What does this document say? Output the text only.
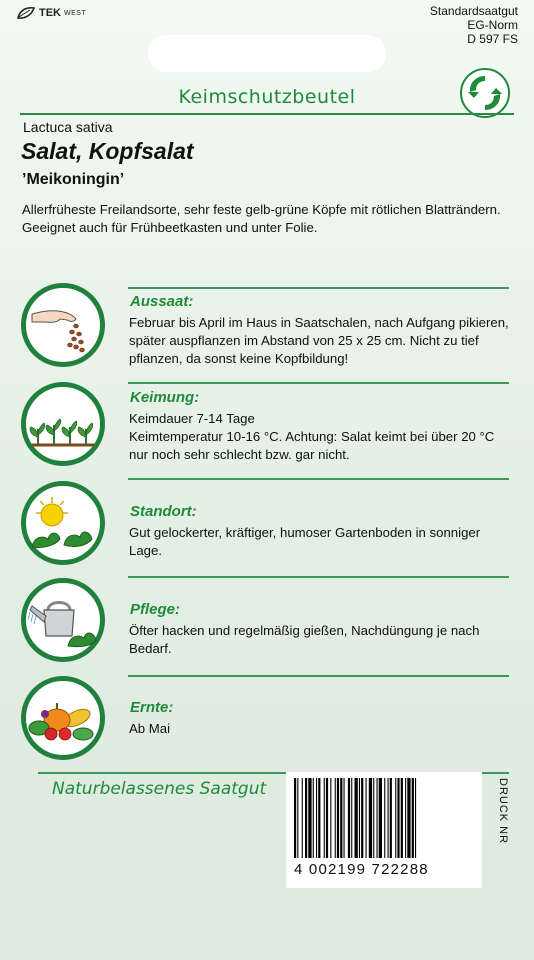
TEK WEST	Standardsaatgut
EG-Norm
D 597 FS
Keimschutzbeutel
Lactuca sativa
Salat, Kopfsalat
’Meikoningin’
Allerfrüheste Freilandsorte, sehr feste gelb-grüne Köpfe mit rötlichen Blatträndern. Geeignet auch für Frühbeetkasten und unter Folie.
Aussaat:
Februar bis April im Haus in Saatschalen, nach Aufgang pikieren, später auspflanzen im Abstand von 25 x 25 cm. Nicht zu tief pflanzen, da sonst keine Kopfbildung!
Keimung:
Keimdauer 7-14 Tage
Keimtemperatur 10-16 °C. Achtung: Salat keimt bei über 20 °C nur noch sehr schlecht bzw. gar nicht.
Standort:
Gut gelockerter, kräftiger, humoser Gartenboden in sonniger Lage.
Pflege:
Öfter hacken und regelmäßig gießen, Nachdüngung je nach Bedarf.
Ernte:
Ab Mai
Naturbelassenes Saatgut
4 002199 722288
DRUCK NR
